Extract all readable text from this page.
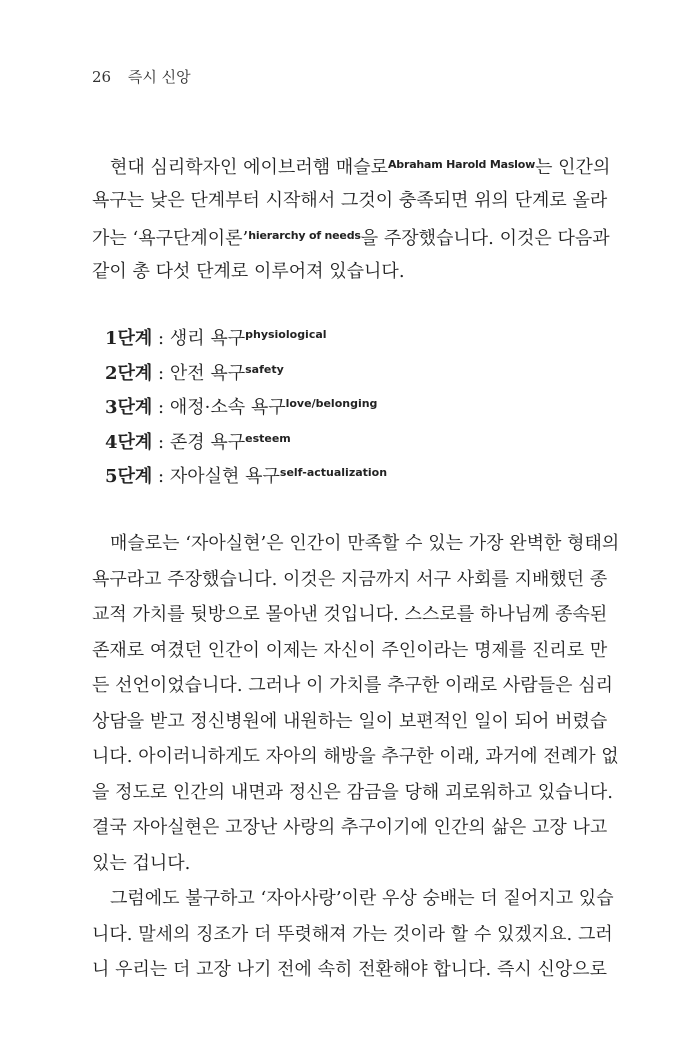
26 즉시 신앙
현대 심리학자인 에이브러햄 매슬로$^{Abraham Harold Maslow}$는 인간의
욕구는 낮은 단계부터 시작해서 그것이 충족되면 위의 단계로 올라
가는 ‘욕구단계이론’$^{hierarchy of needs}$을 주장했습니다. 이것은 다음과
같이 총 다섯 단계로 이루어져 있습니다.
1단계 : 생리 욕구$^{physiological}$
2단계 : 안전 욕구$^{safety}$
3단계 : 애정·소속 욕구$^{love/belonging}$
4단계 : 존경 욕구$^{esteem}$
5단계 : 자아실현 욕구$^{self-actualization}$
매슬로는 ‘자아실현’은 인간이 만족할 수 있는 가장 완벽한 형태의
욕구라고 주장했습니다. 이것은 지금까지 서구 사회를 지배했던 종
교적 가치를 뒷방으로 몰아낸 것입니다. 스스로를 하나님께 종속된
존재로 여겼던 인간이 이제는 자신이 주인이라는 명제를 진리로 만
든 선언이었습니다. 그러나 이 가치를 추구한 이래로 사람들은 심리
상담을 받고 정신병원에 내원하는 일이 보편적인 일이 되어 버렸습
니다. 아이러니하게도 자아의 해방을 추구한 이래, 과거에 전례가 없
을 정도로 인간의 내면과 정신은 감금을 당해 괴로워하고 있습니다.
결국 자아실현은 고장난 사랑의 추구이기에 인간의 삶은 고장 나고
있는 겁니다.
그럼에도 불구하고 ‘자아사랑’이란 우상 숭배는 더 짙어지고 있습
니다. 말세의 징조가 더 뚜렷해져 가는 것이라 할 수 있겠지요. 그러
니 우리는 더 고장 나기 전에 속히 전환해야 합니다. 즉시 신앙으로
